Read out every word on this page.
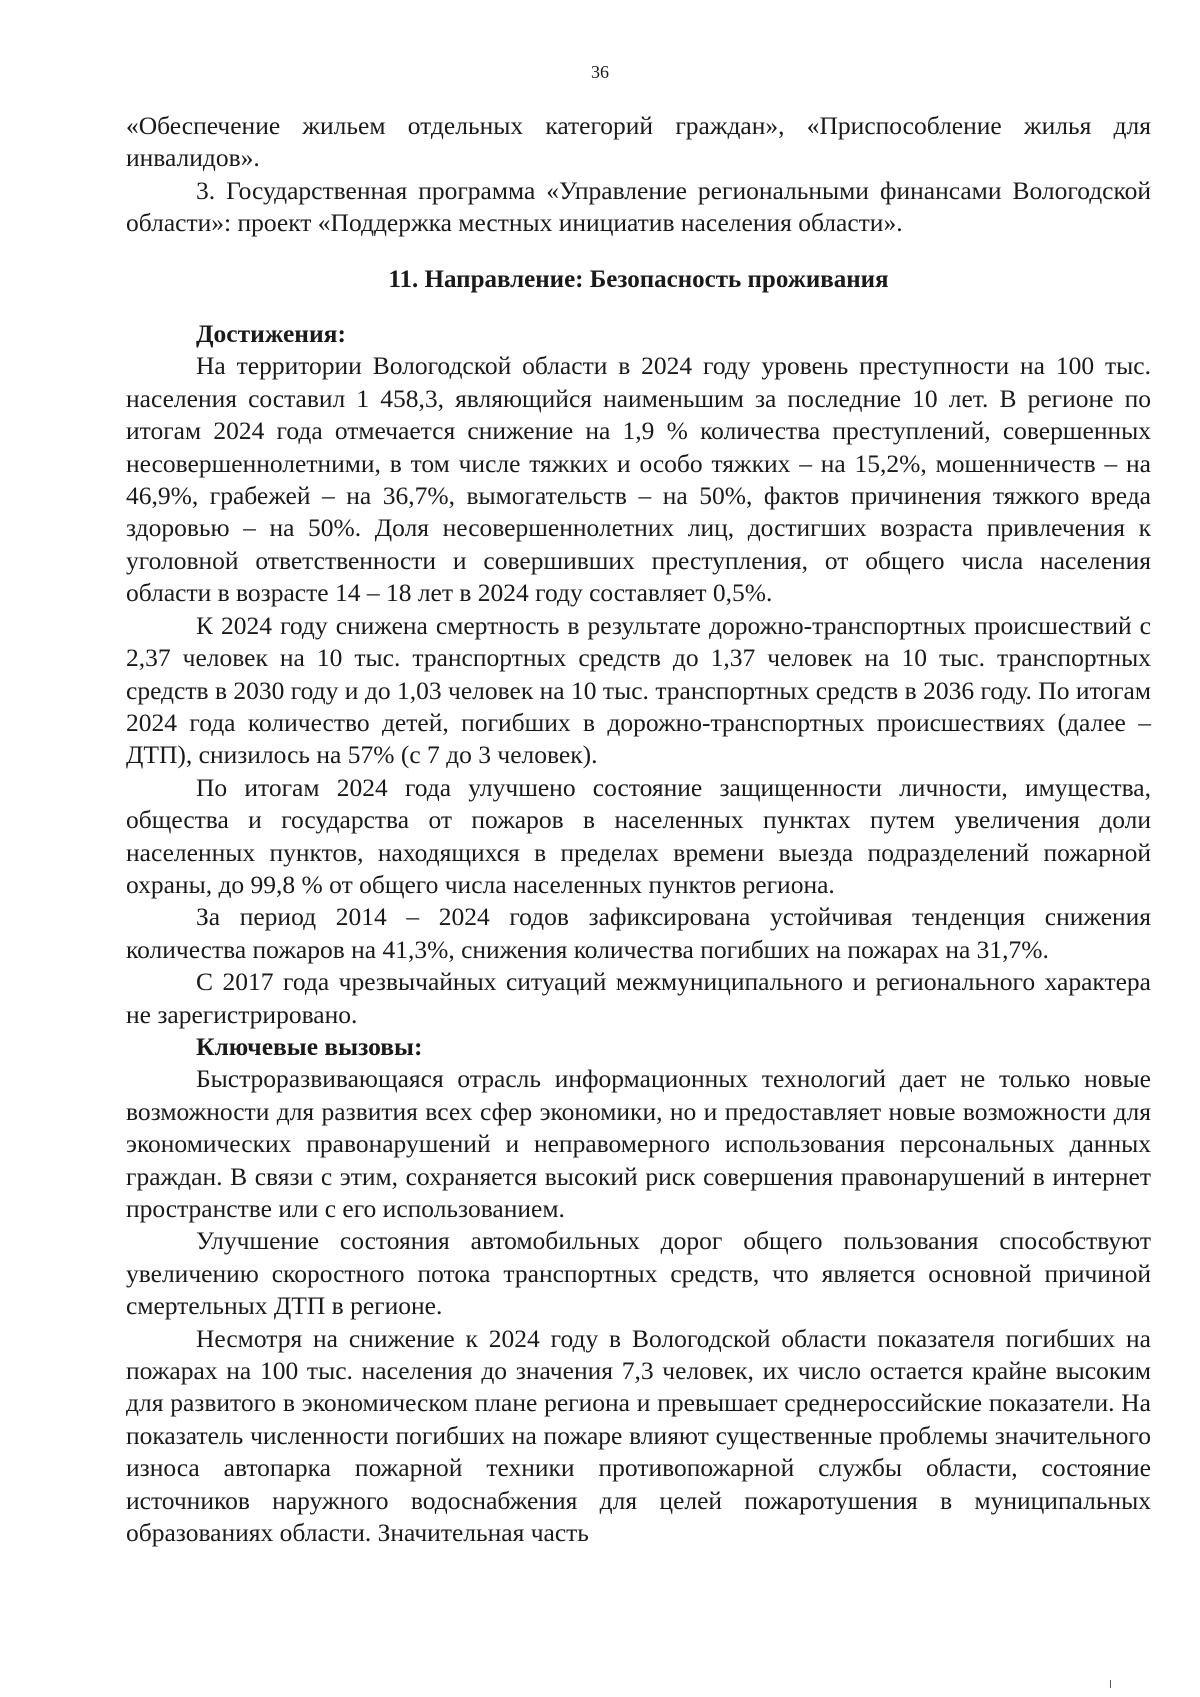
36

«Обеспечение жильем отдельных категорий граждан», «Приспособление жилья для инвалидов».

3. Государственная программа «Управление региональными финансами Вологодской области»: проект «Поддержка местных инициатив населения области».

11. Направление: Безопасность проживания

Достижения:

На территории Вологодской области в 2024 году уровень преступности на 100 тыс. населения составил 1 458,3, являющийся наименьшим за последние 10 лет. В регионе по итогам 2024 года отмечается снижение на 1,9 % количества преступлений, совершенных несовершеннолетними, в том числе тяжких и особо тяжких – на 15,2%, мошенничеств – на 46,9%, грабежей – на 36,7%, вымогательств – на 50%, фактов причинения тяжкого вреда здоровью – на 50%. Доля несовершеннолетних лиц, достигших возраста привлечения к уголовной ответственности и совершивших преступления, от общего числа населения области в возрасте 14 – 18 лет в 2024 году составляет 0,5%.

К 2024 году снижена смертность в результате дорожно-транспортных происшествий с 2,37 человек на 10 тыс. транспортных средств до 1,37 человек на 10 тыс. транспортных средств в 2030 году и до 1,03 человек на 10 тыс. транспортных средств в 2036 году. По итогам 2024 года количество детей, погибших в дорожно-транспортных происшествиях (далее – ДТП), снизилось на 57% (с 7 до 3 человек).

По итогам 2024 года улучшено состояние защищенности личности, имущества, общества и государства от пожаров в населенных пунктах путем увеличения доли населенных пунктов, находящихся в пределах времени выезда подразделений пожарной охраны, до 99,8 % от общего числа населенных пунктов региона.

За период 2014 – 2024 годов зафиксирована устойчивая тенденция снижения количества пожаров на 41,3%, снижения количества погибших на пожарах на 31,7%.

С 2017 года чрезвычайных ситуаций межмуниципального и регионального характера не зарегистрировано.

Ключевые вызовы:

Быстроразвивающаяся отрасль информационных технологий дает не только новые возможности для развития всех сфер экономики, но и предоставляет новые возможности для экономических правонарушений и неправомерного использования персональных данных граждан. В связи с этим, сохраняется высокий риск совершения правонарушений в интернет пространстве или с его использованием.

Улучшение состояния автомобильных дорог общего пользования способствуют увеличению скоростного потока транспортных средств, что является основной причиной смертельных ДТП в регионе.

Несмотря на снижение к 2024 году в Вологодской области показателя погибших на пожарах на 100 тыс. населения до значения 7,3 человек, их число остается крайне высоким для развитого в экономическом плане региона и превышает среднероссийские показатели. На показатель численности погибших на пожаре влияют существенные проблемы значительного износа автопарка пожарной техники противопожарной службы области, состояние источников наружного водоснабжения для целей пожаротушения в муниципальных образованиях области. Значительная часть
